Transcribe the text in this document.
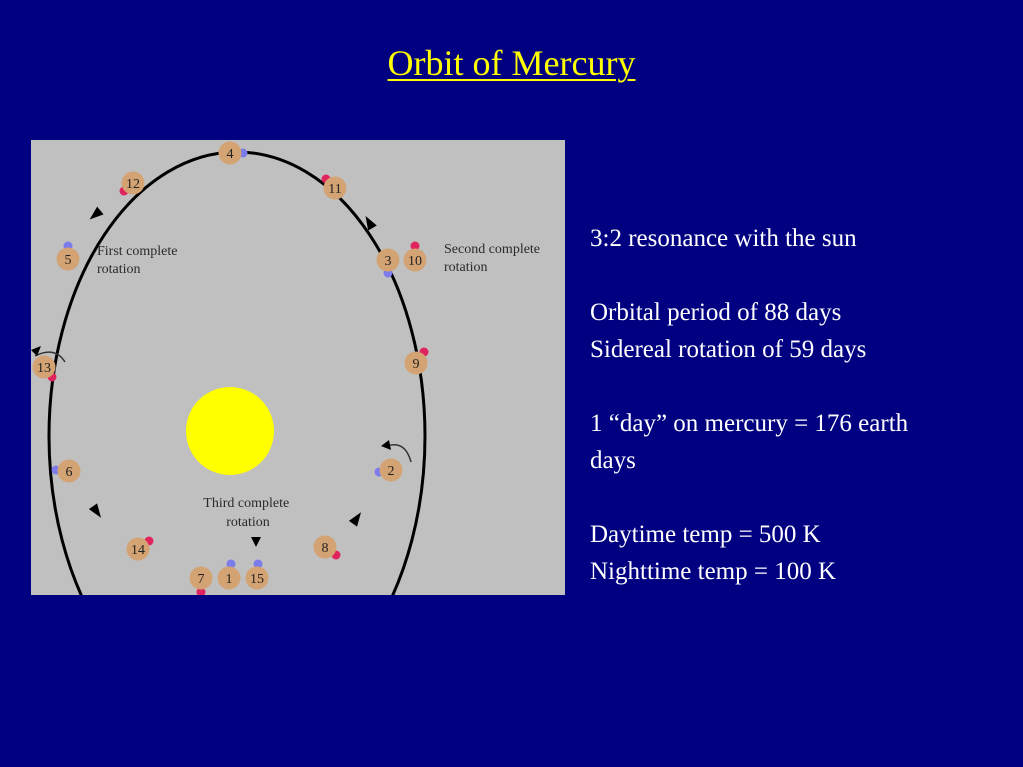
Orbit of Mercury
First complete rotation
Second complete rotation
Third complete rotation
1
2
3
4
5
6
7
8
9
10
11
12
13
14
15

3:2 resonance with the sun

Orbital period of 88 days

Sidereal rotation of 59 days

1 “day” on mercury = 176 earth

days

Daytime temp = 500 K

Nighttime temp = 100 K
